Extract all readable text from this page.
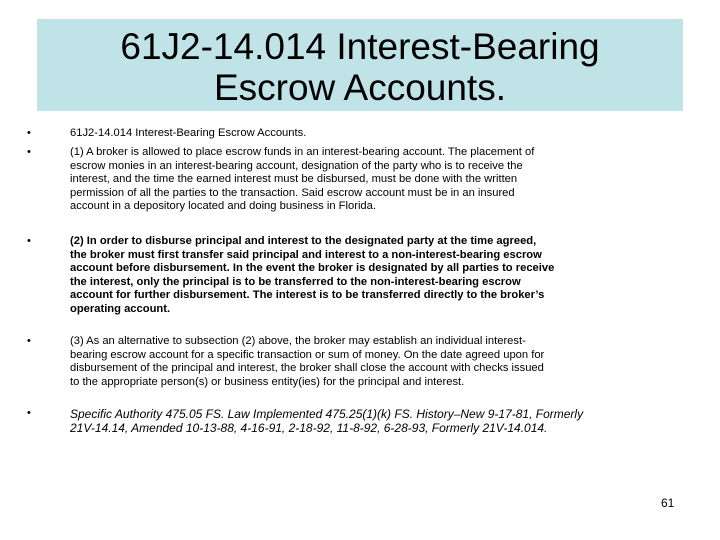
61J2-14.014 Interest-Bearing
Escrow Accounts.
•	61J2-14.014 Interest-Bearing Escrow Accounts.
•	(1) A broker is allowed to place escrow funds in an interest-bearing account. The placement of
escrow monies in an interest-bearing account, designation of the party who is to receive the
interest, and the time the earned interest must be disbursed, must be done with the written
permission of all the parties to the transaction. Said escrow account must be in an insured
account in a depository located and doing business in Florida.
•	(2) In order to disburse principal and interest to the designated party at the time agreed,
the broker must first transfer said principal and interest to a non-interest-bearing escrow
account before disbursement. In the event the broker is designated by all parties to receive
the interest, only the principal is to be transferred to the non-interest-bearing escrow
account for further disbursement. The interest is to be transferred directly to the broker’s
operating account.
•	(3) As an alternative to subsection (2) above, the broker may establish an individual interest-
bearing escrow account for a specific transaction or sum of money. On the date agreed upon for
disbursement of the principal and interest, the broker shall close the account with checks issued
to the appropriate person(s) or business entity(ies) for the principal and interest.
•	Specific Authority 475.05 FS. Law Implemented 475.25(1)(k) FS. History–New 9-17-81, Formerly
21V-14.14, Amended 10-13-88, 4-16-91, 2-18-92, 11-8-92, 6-28-93, Formerly 21V-14.014.
61
